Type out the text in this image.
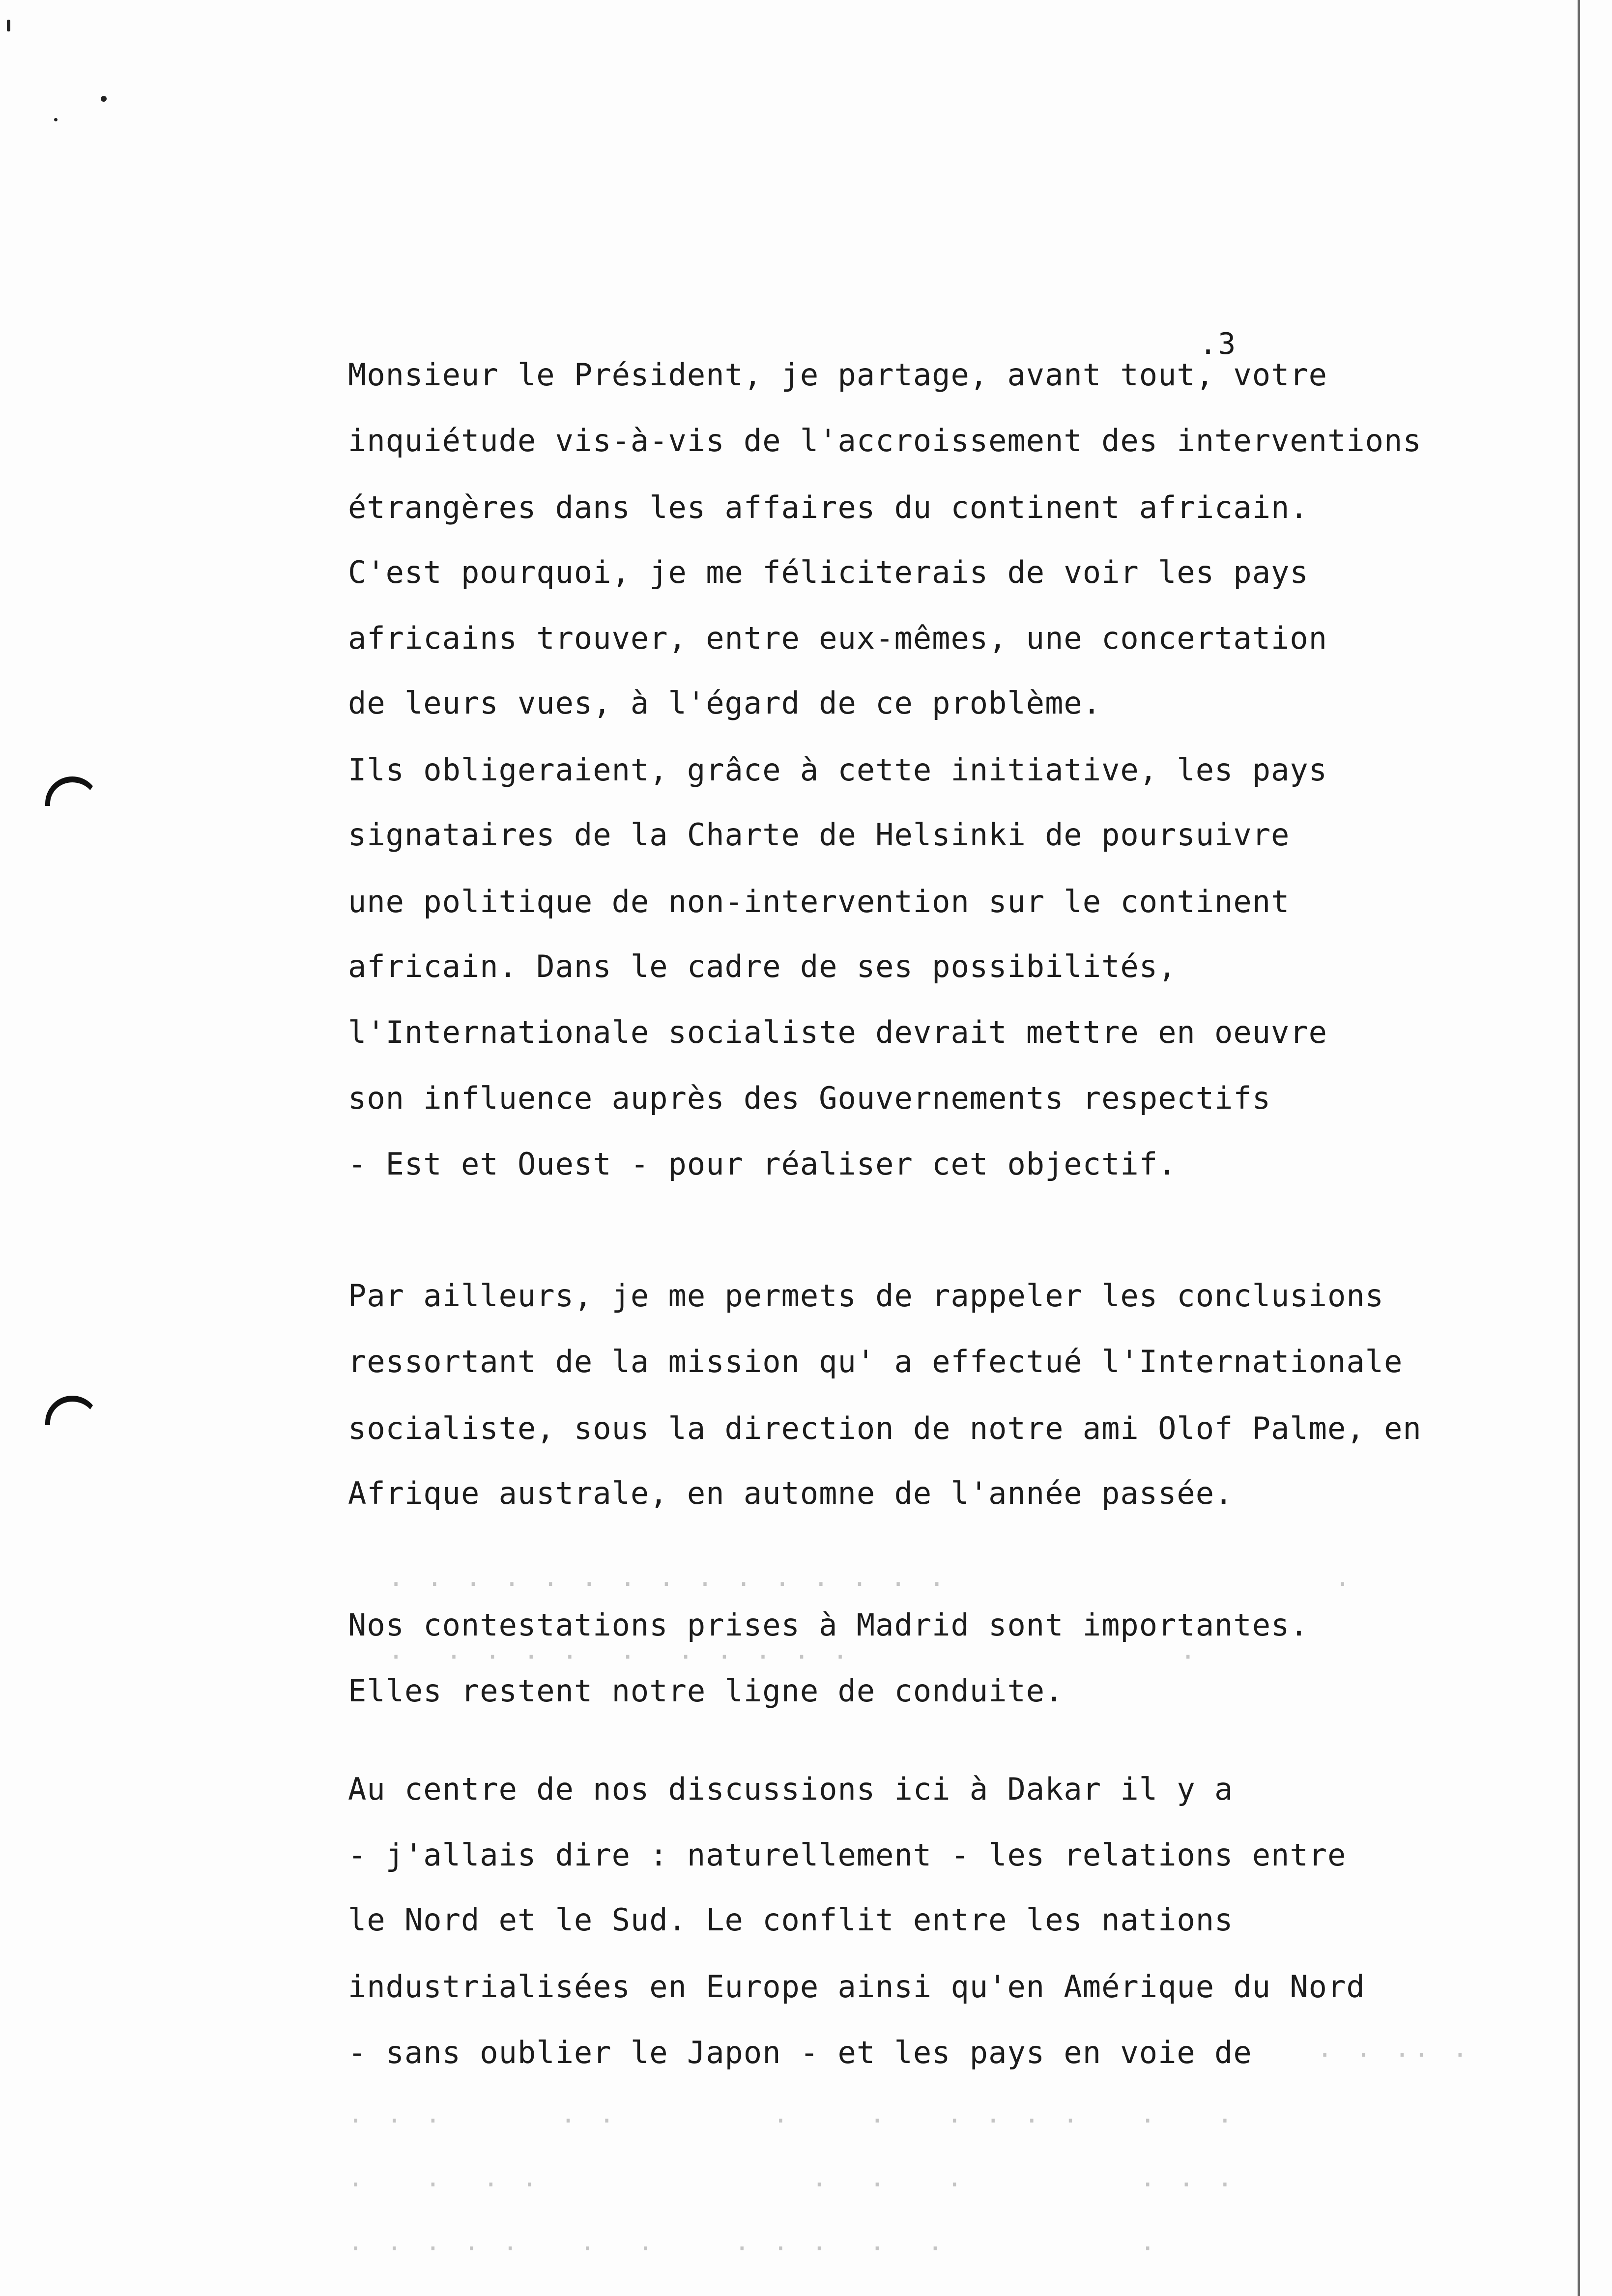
.3
Monsieur le Président, je partage, avant tout, votre
inquiétude vis-à-vis de l'accroissement des interventions
étrangères dans les affaires du continent africain.
C'est pourquoi, je me féliciterais de voir les pays
africains trouver, entre eux-mêmes, une concertation
de leurs vues, à l'égard de ce problème.
Ils obligeraient, grâce à cette initiative, les pays
signataires de la Charte de Helsinki de poursuivre
une politique de non-intervention sur le continent
africain. Dans le cadre de ses possibilités,
l'Internationale socialiste devrait mettre en oeuvre
son influence auprès des Gouvernements respectifs
- Est et Ouest - pour réaliser cet objectif.
Par ailleurs, je me permets de rappeler les conclusions
ressortant de la mission qu' a effectué l'Internationale
socialiste, sous la direction de notre ami Olof Palme, en
Afrique australe, en automne de l'année passée.
· · · · · · · · · · · · · · ·                    ·
Nos contestations prises à Madrid sont importantes.
·  · · · ·  ·  · · · · ·                 ·
Elles restent notre ligne de conduite.
Au centre de nos discussions ici à Dakar il y a
- j'allais dire : naturellement - les relations entre
le Nord et le Sud. Le conflit entre les nations
industrialisées en Europe ainsi qu'en Amérique du Nord
- sans oublier le Japon - et les pays en voie de	· · ·· ·
· · ·      · ·        ·    ·   · · · ·   ·   ·
·   ·  · ·              ·  ·   ·         · · ·
· · · · ·   ·  ·    · · ·  ·  ·          ·
